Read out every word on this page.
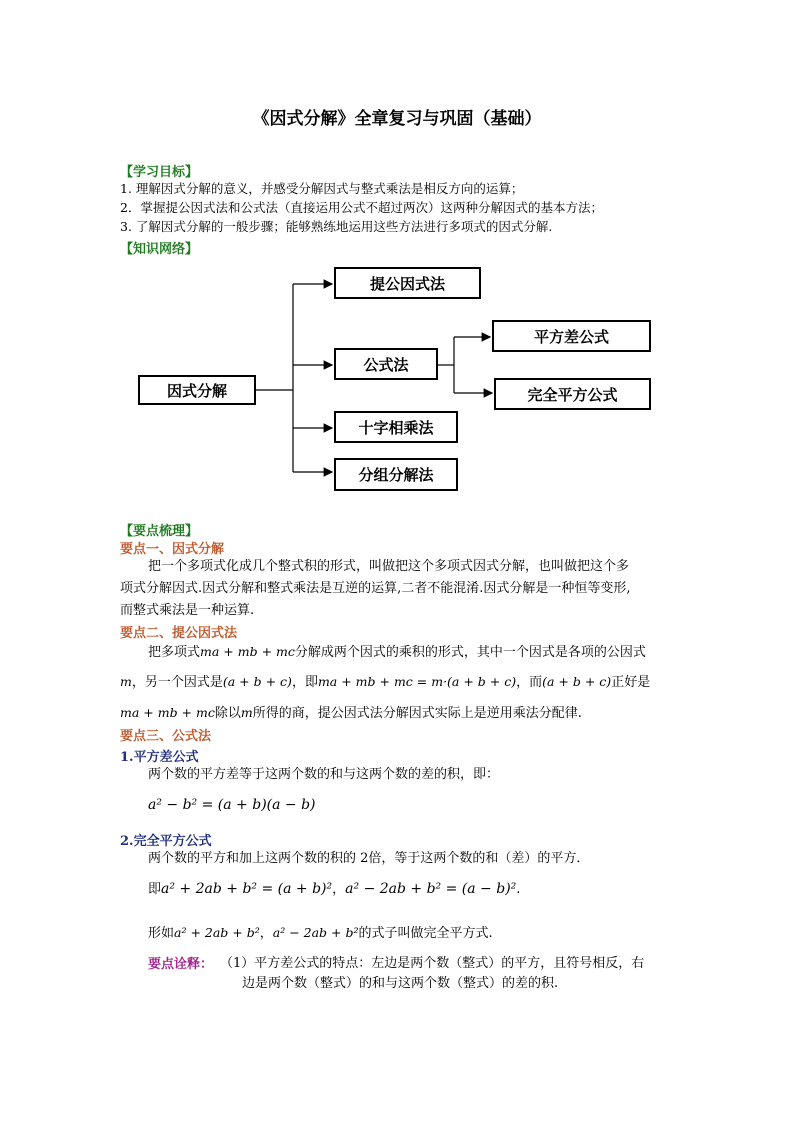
《因式分解》全章复习与巩固（基础）
【学习目标】
1. 理解因式分解的意义，并感受分解因式与整式乘法是相反方向的运算；
2．掌握提公因式法和公式法（直接运用公式不超过两次）这两种分解因式的基本方法；
3. 了解因式分解的一般步骤；能够熟练地运用这些方法进行多项式的因式分解.
【知识网络】
因式分解
提公因式法
公式法
平方差公式
完全平方公式
十字相乘法
分组分解法
【要点梳理】
要点一、因式分解
把一个多项式化成几个整式积的形式，叫做把这个多项式因式分解，也叫做把这个多
项式分解因式.因式分解和整式乘法是互逆的运算,二者不能混淆.因式分解是一种恒等变形,
而整式乘法是一种运算.
要点二、提公因式法
把多项式ma + mb + mc分解成两个因式的乘积的形式，其中一个因式是各项的公因式
m，另一个因式是(a + b + c)，即ma + mb + mc = m·(a + b + c)，而(a + b + c)正好是
ma + mb + mc除以m所得的商，提公因式法分解因式实际上是逆用乘法分配律.
要点三、公式法
1.平方差公式
两个数的平方差等于这两个数的和与这两个数的差的积，即：
a² − b² = (a + b)(a − b)
2.完全平方公式
两个数的平方和加上这两个数的积的 2倍，等于这两个数的和（差）的平方．
即a² + 2ab + b² = (a + b)²，a² − 2ab + b² = (a − b)².
形如a² + 2ab + b²，a² − 2ab + b²的式子叫做完全平方式.
要点诠释： （1）平方差公式的特点：左边是两个数（整式）的平方，且符号相反，右
边是两个数（整式）的和与这两个数（整式）的差的积.
